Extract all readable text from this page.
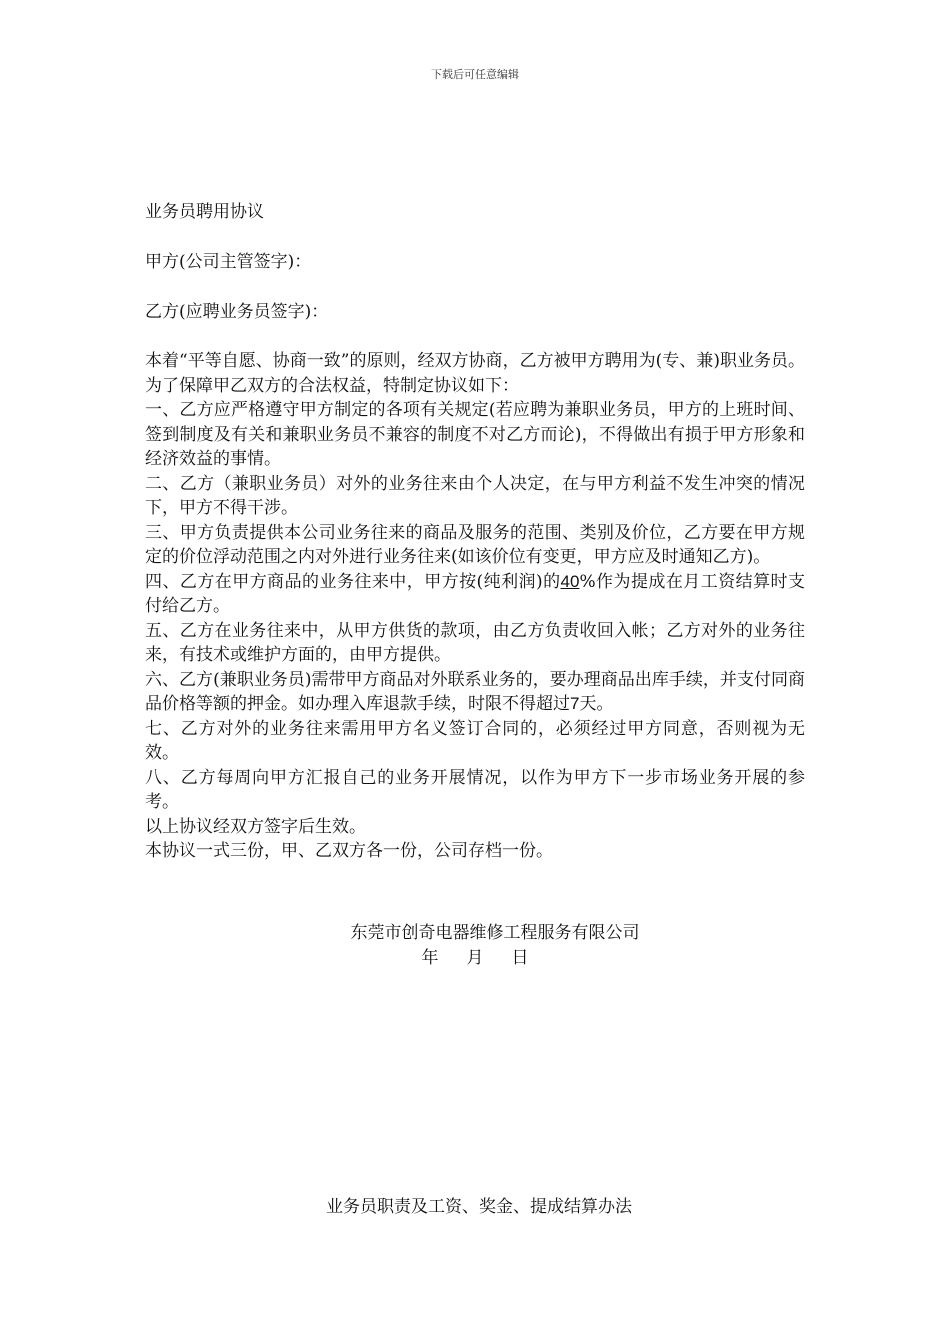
下载后可任意编辑
业务员聘用协议
甲方(公司主管签字)：
乙方(应聘业务员签字)：

本着“平等自愿、协商一致”的原则，经双方协商，乙方被甲方聘用为(专、兼)职业务员。为了保障甲乙双方的合法权益，特制定协议如下：

一、乙方应严格遵守甲方制定的各项有关规定(若应聘为兼职业务员，甲方的上班时间、签到制度及有关和兼职业务员不兼容的制度不对乙方而论)，不得做出有损于甲方形象和经济效益的事情。

二、乙方（兼职业务员）对外的业务往来由个人决定，在与甲方利益不发生冲突的情况下，甲方不得干涉。

三、甲方负责提供本公司业务往来的商品及服务的范围、类别及价位，乙方要在甲方规定的价位浮动范围之内对外进行业务往来(如该价位有变更，甲方应及时通知乙方)。

四、乙方在甲方商品的业务往来中，甲方按(纯利润)的40%作为提成在月工资结算时支付给乙方。

五、乙方在业务往来中，从甲方供货的款项，由乙方负责收回入帐；乙方对外的业务往来，有技术或维护方面的，由甲方提供。

六、乙方(兼职业务员)需带甲方商品对外联系业务的，要办理商品出库手续，并支付同商品价格等额的押金。如办理入库退款手续，时限不得超过7天。

七、乙方对外的业务往来需用甲方名义签订合同的，必须经过甲方同意，否则视为无效。

八、乙方每周向甲方汇报自己的业务开展情况，以作为甲方下一步市场业务开展的参考。

以上协议经双方签字后生效。

本协议一式三份，甲、乙双方各一份，公司存档一份。

东莞市创奇电器维修工程服务有限公司
年 月 日
业务员职责及工资、奖金、提成结算办法
